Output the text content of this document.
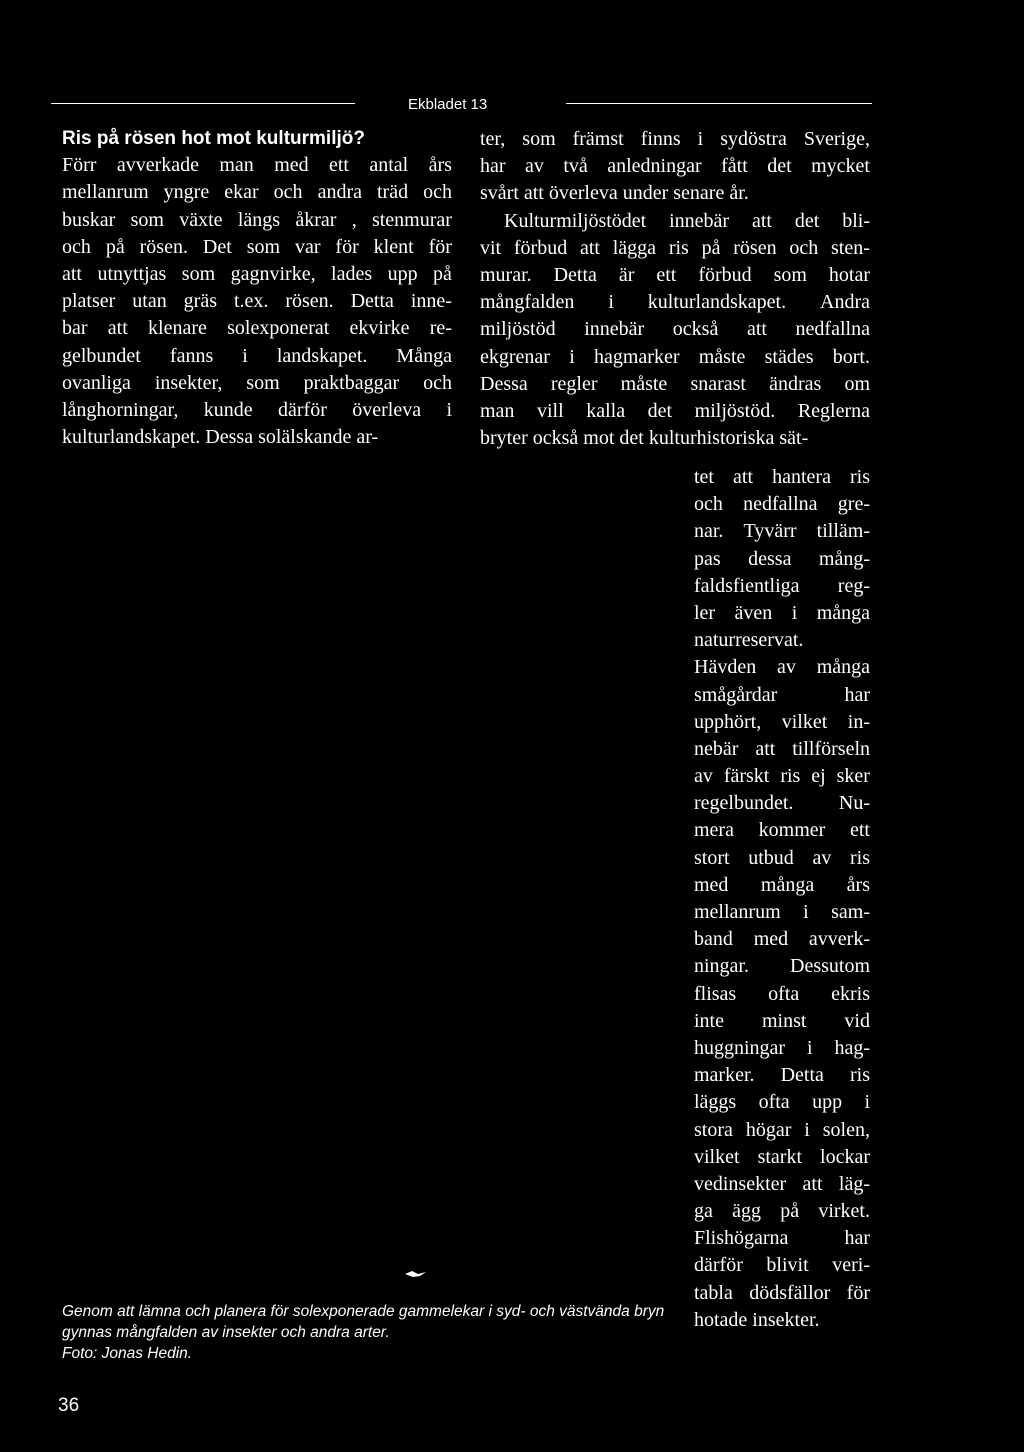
Ekbladet 13
Ris på rösen hot mot kulturmiljö?
Förr avverkade man med ett antal års
mellanrum yngre ekar och andra träd och
buskar som växte längs åkrar , stenmurar
och på rösen. Det som var för klent för
att utnyttjas som gagnvirke, lades upp på
platser utan gräs t.ex. rösen. Detta inne-
bar att klenare solexponerat ekvirke re-
gelbundet fanns i landskapet. Många
ovanliga insekter, som praktbaggar och
långhorningar, kunde därför överleva i
kulturlandskapet. Dessa solälskande ar-
ter, som främst finns i sydöstra Sverige,
har av två anledningar fått det mycket
svårt att överleva under senare år.
Kulturmiljöstödet innebär att det bli-
vit förbud att lägga ris på rösen och sten-
murar. Detta är ett förbud som hotar
mångfalden i kulturlandskapet. Andra
miljöstöd innebär också att nedfallna
ekgrenar i hagmarker måste städes bort.
Dessa regler måste snarast ändras om
man vill kalla det miljöstöd. Reglerna
bryter också mot det kulturhistoriska sät-
tet att hantera ris
och nedfallna gre-
nar. Tyvärr tilläm-
pas dessa mång-
faldsfientliga reg-
ler även i många
naturreservat.
Hävden av många
smågårdar	har
upphört, vilket in-
nebär att tillförseln
av färskt ris ej sker
regelbundet. Nu-
mera kommer ett
stort utbud av ris
med många års
mellanrum i sam-
band med avverk-
ningar. Dessutom
flisas ofta ekris
inte minst vid
huggningar i hag-
marker. Detta ris
läggs ofta upp i
stora högar i solen,
vilket starkt lockar
vedinsekter att läg-
ga ägg på virket.
Flishögarna	har
därför blivit veri-
tabla dödsfällor för
hotade insekter.
Genom att lämna och planera för solexponerade gammelekar i syd- och västvända bryn
gynnas mångfalden av insekter och andra arter.
Foto: Jonas Hedin.
36
